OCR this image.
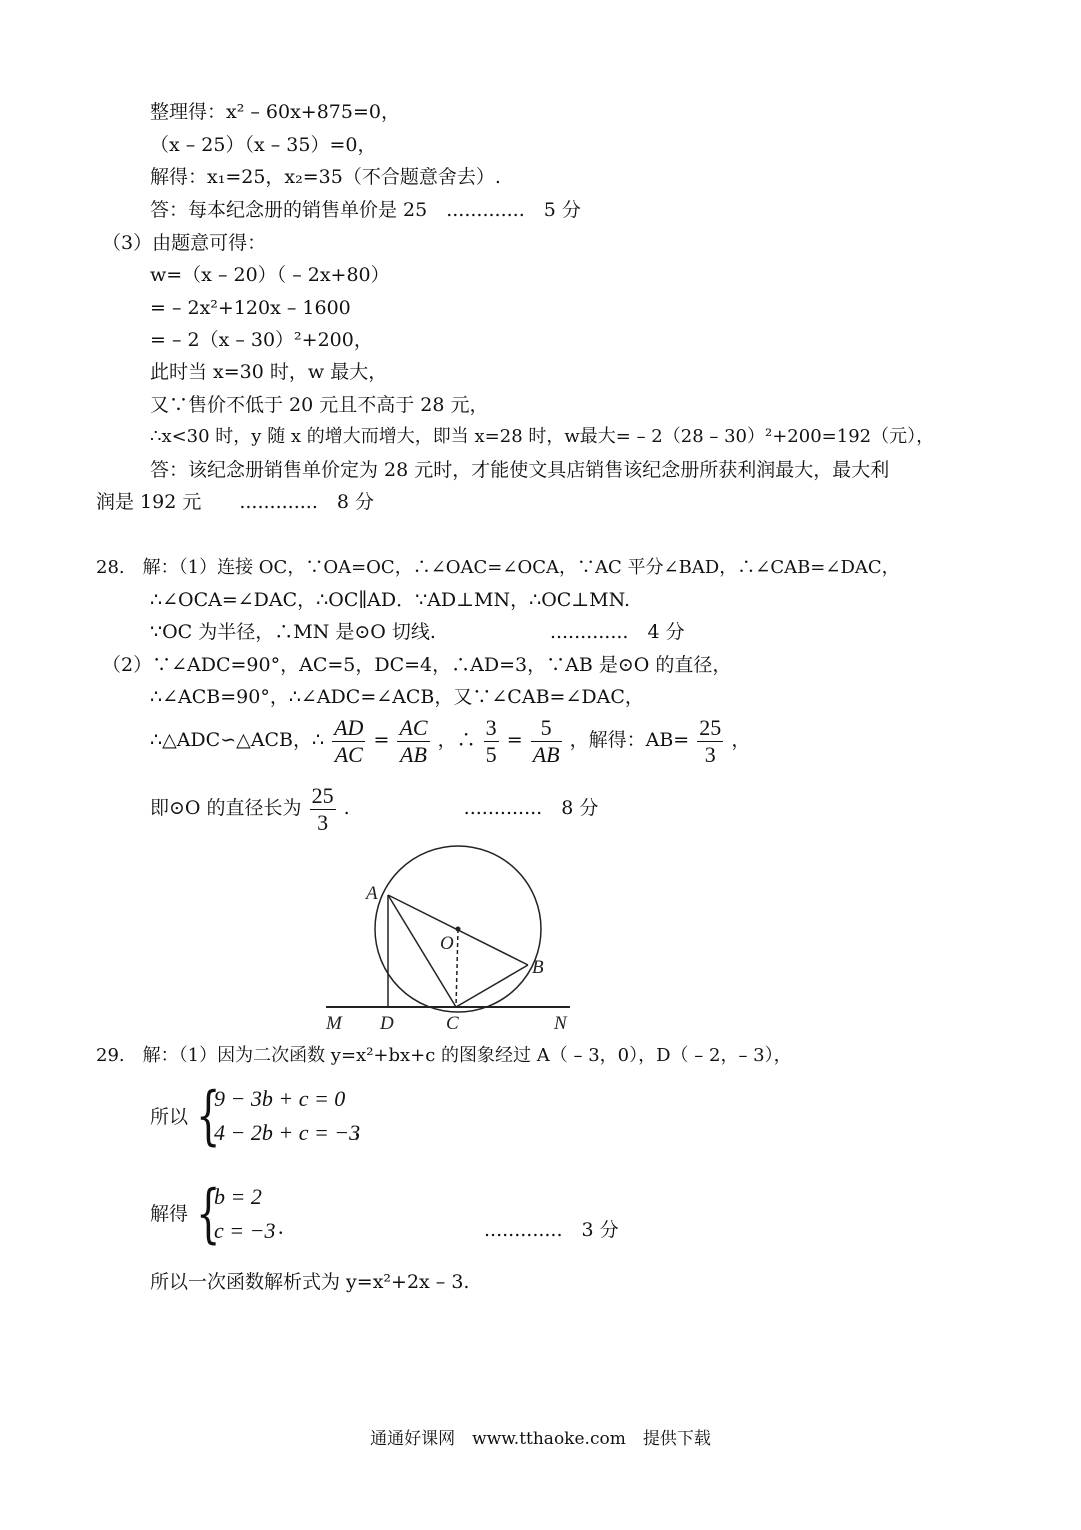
整理得：x² – 60x+875=0，
（x – 25）（x – 35）=0，
解得：x₁=25，x₂=35（不合题意舍去）.
答：每本纪念册的销售单价是 25　.............　5 分
（3）由题意可得：
w=（x – 20）（ – 2x+80）
= – 2x²+120x – 1600
= – 2（x – 30）²+200，
此时当 x=30 时，w 最大，
又∵售价不低于 20 元且不高于 28 元，
∴x<30 时，y 随 x 的增大而增大，即当 x=28 时，w最大= – 2（28 – 30）²+200=192（元），
答：该纪念册销售单价定为 28 元时，才能使文具店销售该纪念册所获利润最大，最大利
润是 192 元　　.............　8 分
28.　解：（1）连接 OC，∵OA=OC，∴∠OAC=∠OCA，∵AC 平分∠BAD，∴∠CAB=∠DAC，
∴∠OCA=∠DAC，∴OC∥AD．∵AD⊥MN，∴OC⊥MN.
∵OC 为半径，∴MN 是⊙O 切线.　　　　　　.............　4 分
（2）∵∠ADC=90°，AC=5，DC=4，∴AD=3，∵AB 是⊙O 的直径，
∴∠ACB=90°，∴∠ADC=∠ACB，又∵∠CAB=∠DAC，
∴△ADC∽△ACB，∴ $\frac{AD}{AC} = \frac{AC}{AB}$ ，∴ $\frac{3}{5} = \frac{5}{AB}$ ，解得：$AB= \frac{25}{3}$ ，
即⊙O 的直径长为 $\frac{25}{3}$ .　　　　　　.............　8 分
A
O
B
M D	C	N
29.　解：（1）因为二次函数 y=x²+bx+c 的图象经过 A（ – 3，0），D（ – 2，– 3），
所以 {
9 − 3b + c = 0
4 − 2b + c = −3
，
解得 {
b = 2
c = −3 .	.............　3 分
所以一次函数解析式为 y=x²+2x – 3.
通通好课网　www.tthaoke.com　提供下载
